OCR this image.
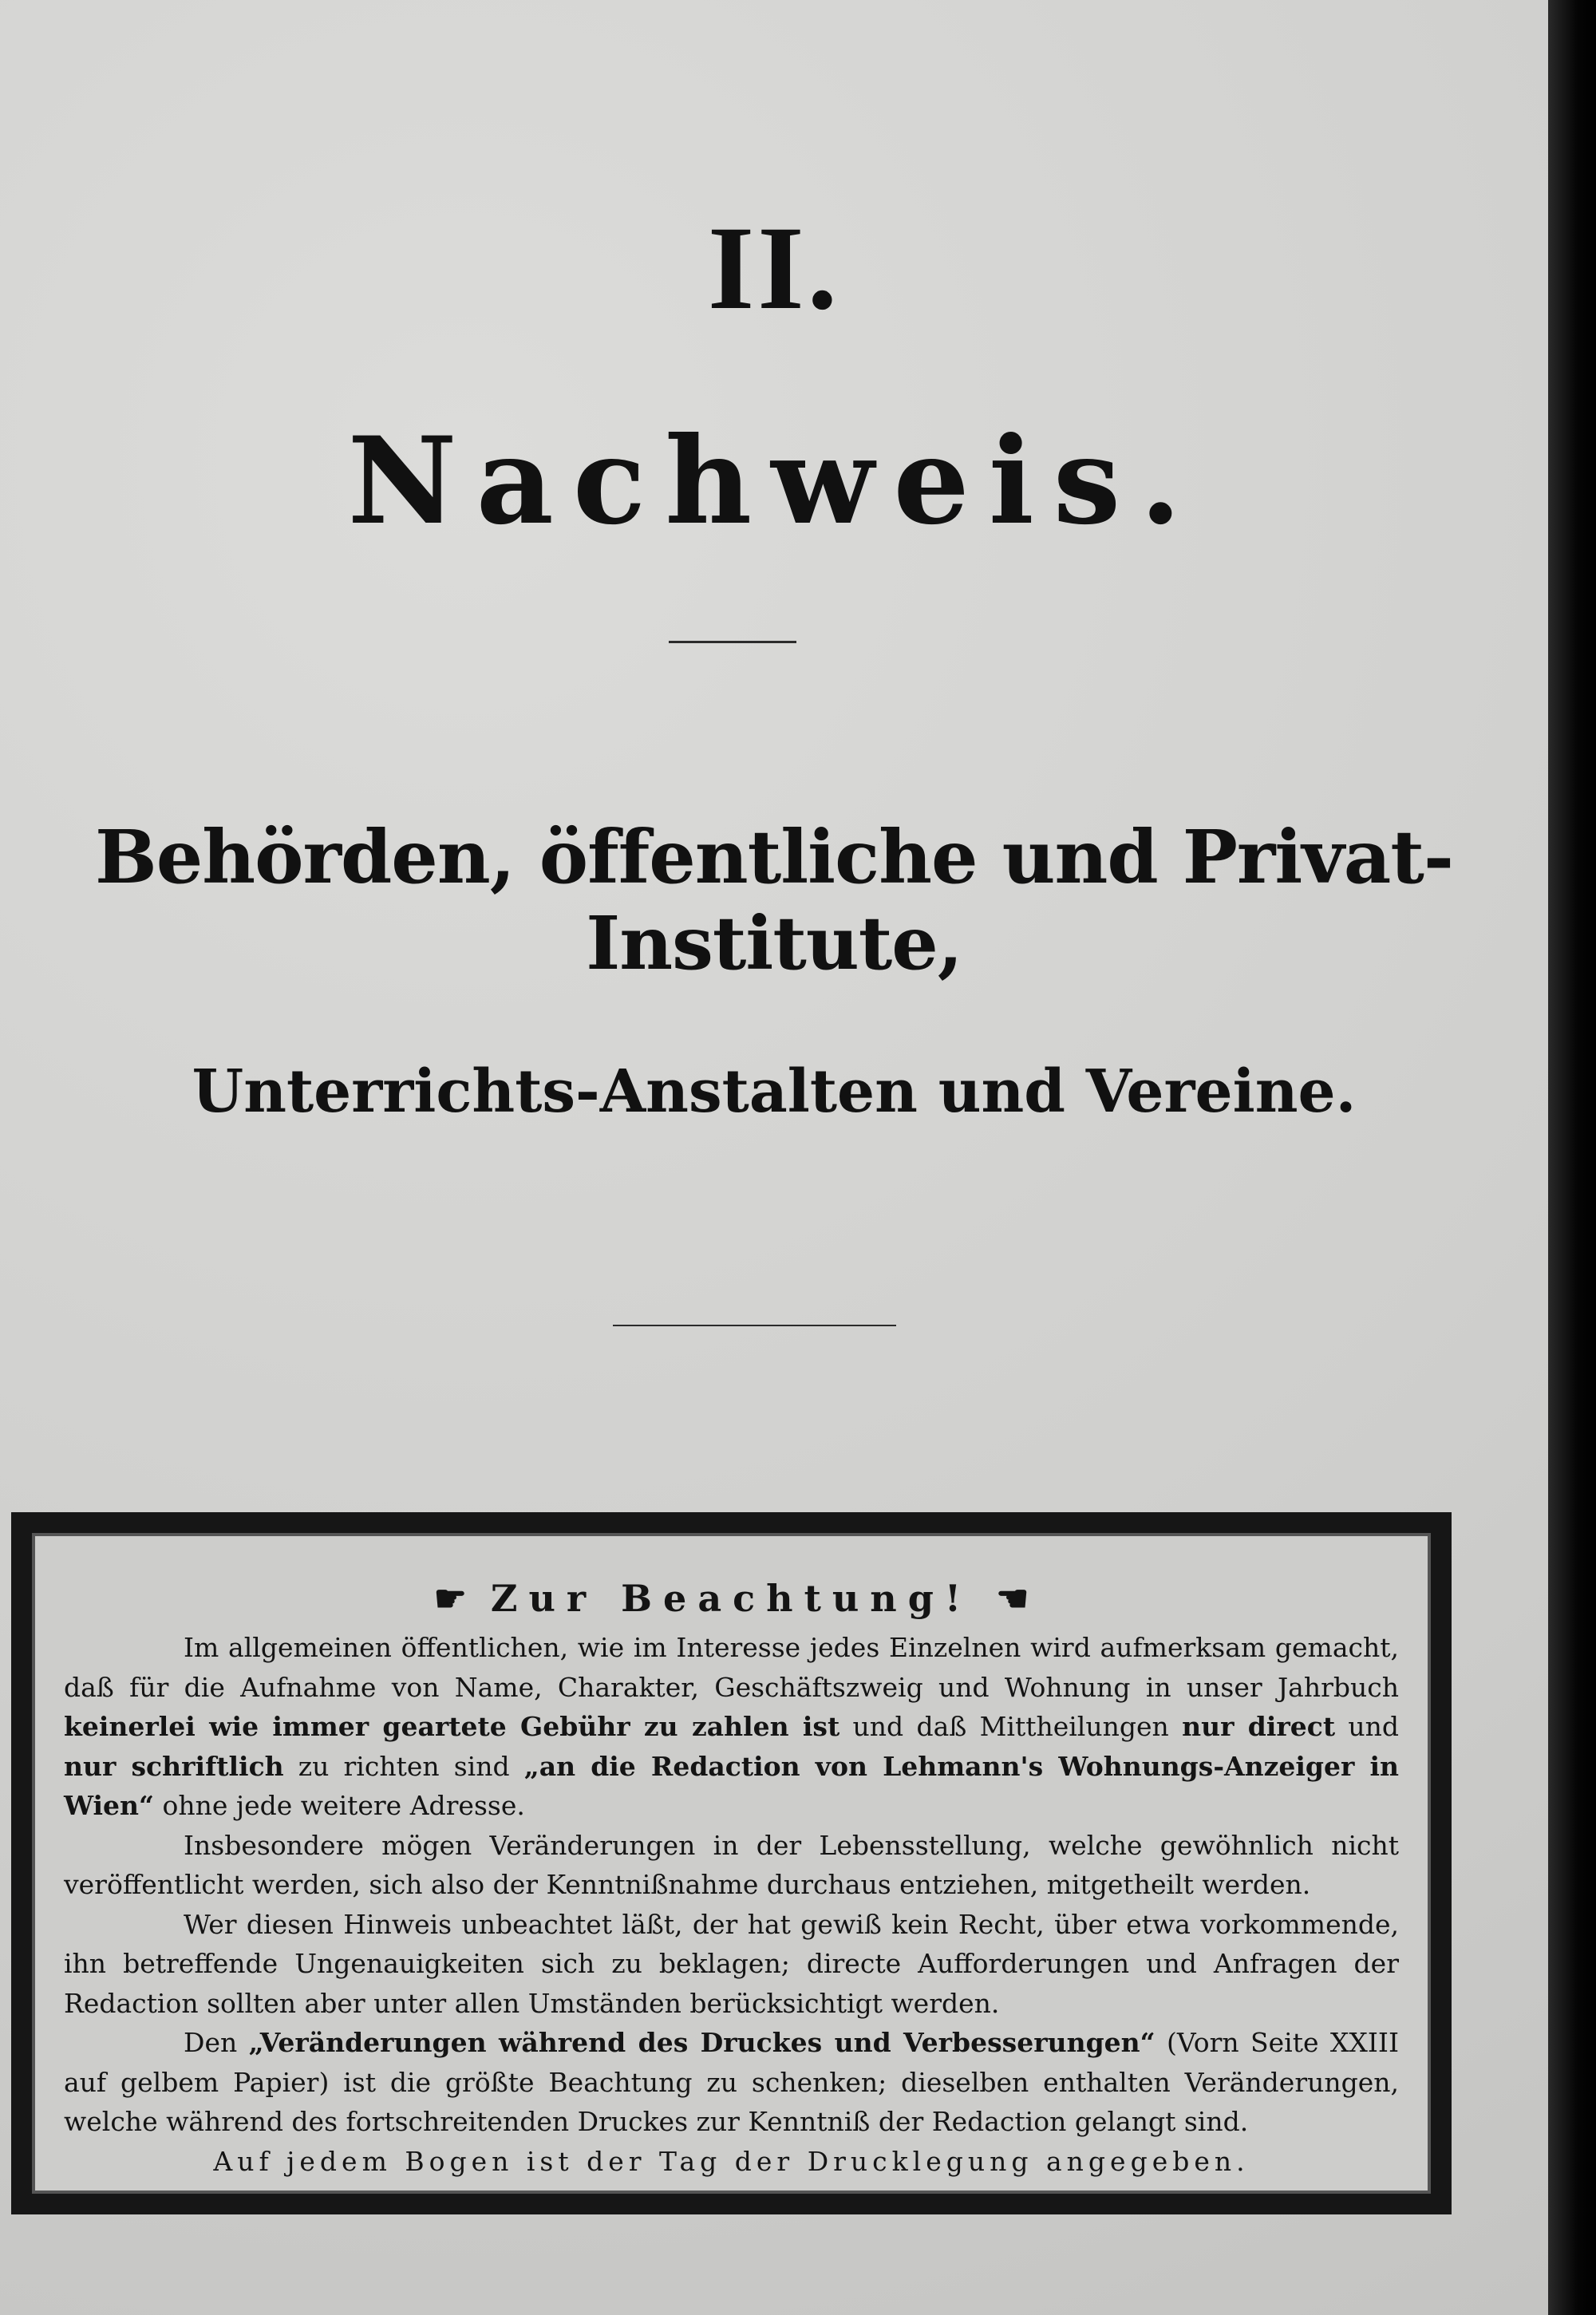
II.
Nachweis.
Behörden, öffentliche und Privat-Institute,
Unterrichts-Anstalten und Vereine.
☛ Zur Beachtung! ☚

Im allgemeinen öffentlichen, wie im Interesse jedes Einzelnen wird aufmerksam gemacht, daß für die Aufnahme von Name, Charakter, Geschäftszweig und Wohnung in unser Jahrbuch keinerlei wie immer geartete Gebühr zu zahlen ist und daß Mittheilungen nur direct und nur schriftlich zu richten sind „an die Redaction von Lehmann's Wohnungs-Anzeiger in Wien“ ohne jede weitere Adresse.

Insbesondere mögen Veränderungen in der Lebensstellung, welche gewöhnlich nicht veröffentlicht werden, sich also der Kenntnißnahme durchaus entziehen, mitgetheilt werden.

Wer diesen Hinweis unbeachtet läßt, der hat gewiß kein Recht, über etwa vorkommende, ihn betreffende Ungenauigkeiten sich zu beklagen; directe Aufforderungen und Anfragen der Redaction sollten aber unter allen Umständen berücksichtigt werden.

Den „Veränderungen während des Druckes und Verbesserungen“ (Vorn Seite XXIII auf gelbem Papier) ist die größte Beachtung zu schenken; dieselben enthalten Veränderungen, welche während des fortschreitenden Druckes zur Kenntniß der Redaction gelangt sind.

Auf jedem Bogen ist der Tag der Drucklegung angegeben.
